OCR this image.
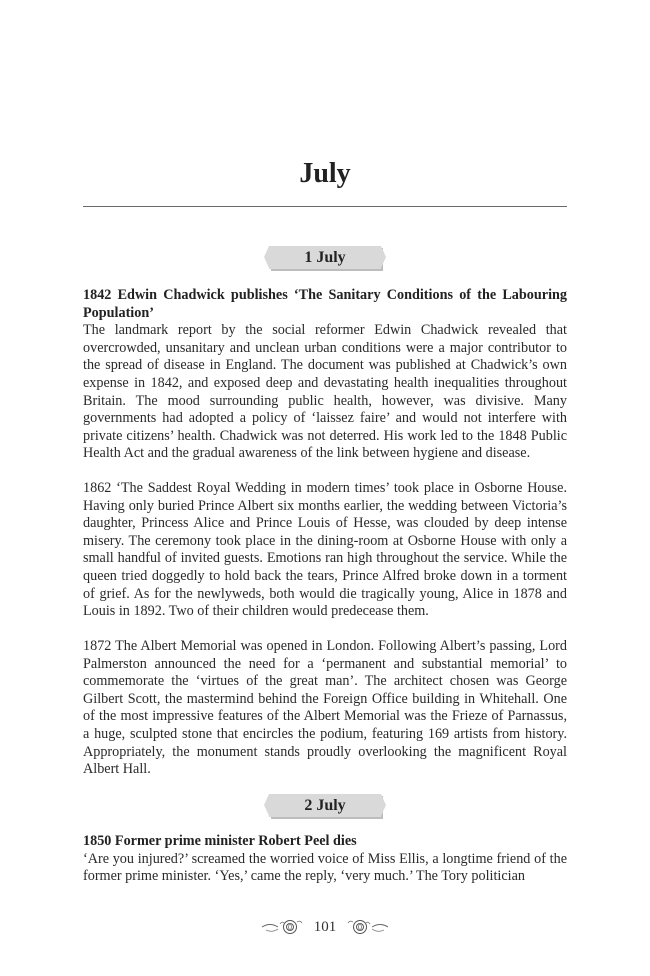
July
1 July

1842 Edwin Chadwick publishes ‘The Sanitary Conditions of the Labouring Population’
The landmark report by the social reformer Edwin Chadwick revealed that overcrowded, unsanitary and unclean urban conditions were a major contributor to the spread of disease in England. The document was published at Chadwick’s own expense in 1842, and exposed deep and devastating health inequalities throughout Britain. The mood surrounding public health, however, was divisive. Many governments had adopted a policy of ‘laissez faire’ and would not interfere with private citizens’ health. Chadwick was not deterred. His work led to the 1848 Public Health Act and the gradual awareness of the link between hygiene and disease.

1862 ‘The Saddest Royal Wedding in modern times’ took place in Osborne House. Having only buried Prince Albert six months earlier, the wedding between Victoria’s daughter, Princess Alice and Prince Louis of Hesse, was clouded by deep intense misery. The ceremony took place in the dining-room at Osborne House with only a small handful of invited guests. Emotions ran high throughout the service. While the queen tried doggedly to hold back the tears, Prince Alfred broke down in a torment of grief. As for the newlyweds, both would die tragically young, Alice in 1878 and Louis in 1892. Two of their children would predecease them.

1872 The Albert Memorial was opened in London. Following Albert’s passing, Lord Palmerston announced the need for a ‘permanent and substantial memorial’ to commemorate the ‘virtues of the great man’. The architect chosen was George Gilbert Scott, the mastermind behind the Foreign Office building in Whitehall. One of the most impressive features of the Albert Memorial was the Frieze of Parnassus, a huge, sculpted stone that encircles the podium, featuring 169 artists from history. Appropriately, the monument stands proudly overlooking the magnificent Royal Albert Hall.

2 July

1850 Former prime minister Robert Peel dies
‘Are you injured?’ screamed the worried voice of Miss Ellis, a longtime friend of the former prime minister. ‘Yes,’ came the reply, ‘very much.’ The Tory politician

101
